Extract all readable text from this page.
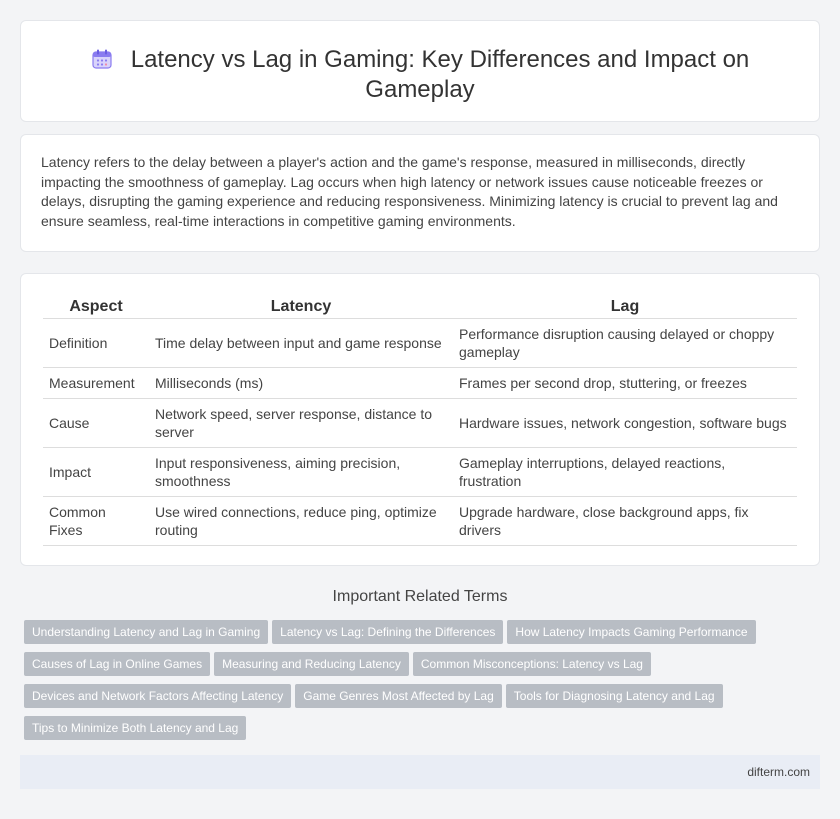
Latency vs Lag in Gaming: Key Differences and Impact on Gameplay

Latency refers to the delay between a player's action and the game's response, measured in milliseconds, directly impacting the smoothness of gameplay. Lag occurs when high latency or network issues cause noticeable freezes or delays, disrupting the gaming experience and reducing responsiveness. Minimizing latency is crucial to prevent lag and ensure seamless, real-time interactions in competitive gaming environments.

Aspect	Latency	Lag
Definition	Time delay between input and game response	Performance disruption causing delayed or choppy gameplay
Measurement	Milliseconds (ms)	Frames per second drop, stuttering, or freezes
Cause	Network speed, server response, distance to server	Hardware issues, network congestion, software bugs
Impact	Input responsiveness, aiming precision, smoothness	Gameplay interruptions, delayed reactions, frustration
Common Fixes	Use wired connections, reduce ping, optimize routing	Upgrade hardware, close background apps, fix drivers
Important Related Terms
Understanding Latency and Lag in Gaming Latency vs Lag: Defining the Differences How Latency Impacts Gaming Performance
Causes of Lag in Online Games Measuring and Reducing Latency Common Misconceptions: Latency vs Lag
Devices and Network Factors Affecting Latency Game Genres Most Affected by Lag Tools for Diagnosing Latency and Lag
Tips to Minimize Both Latency and Lag
difterm.com
